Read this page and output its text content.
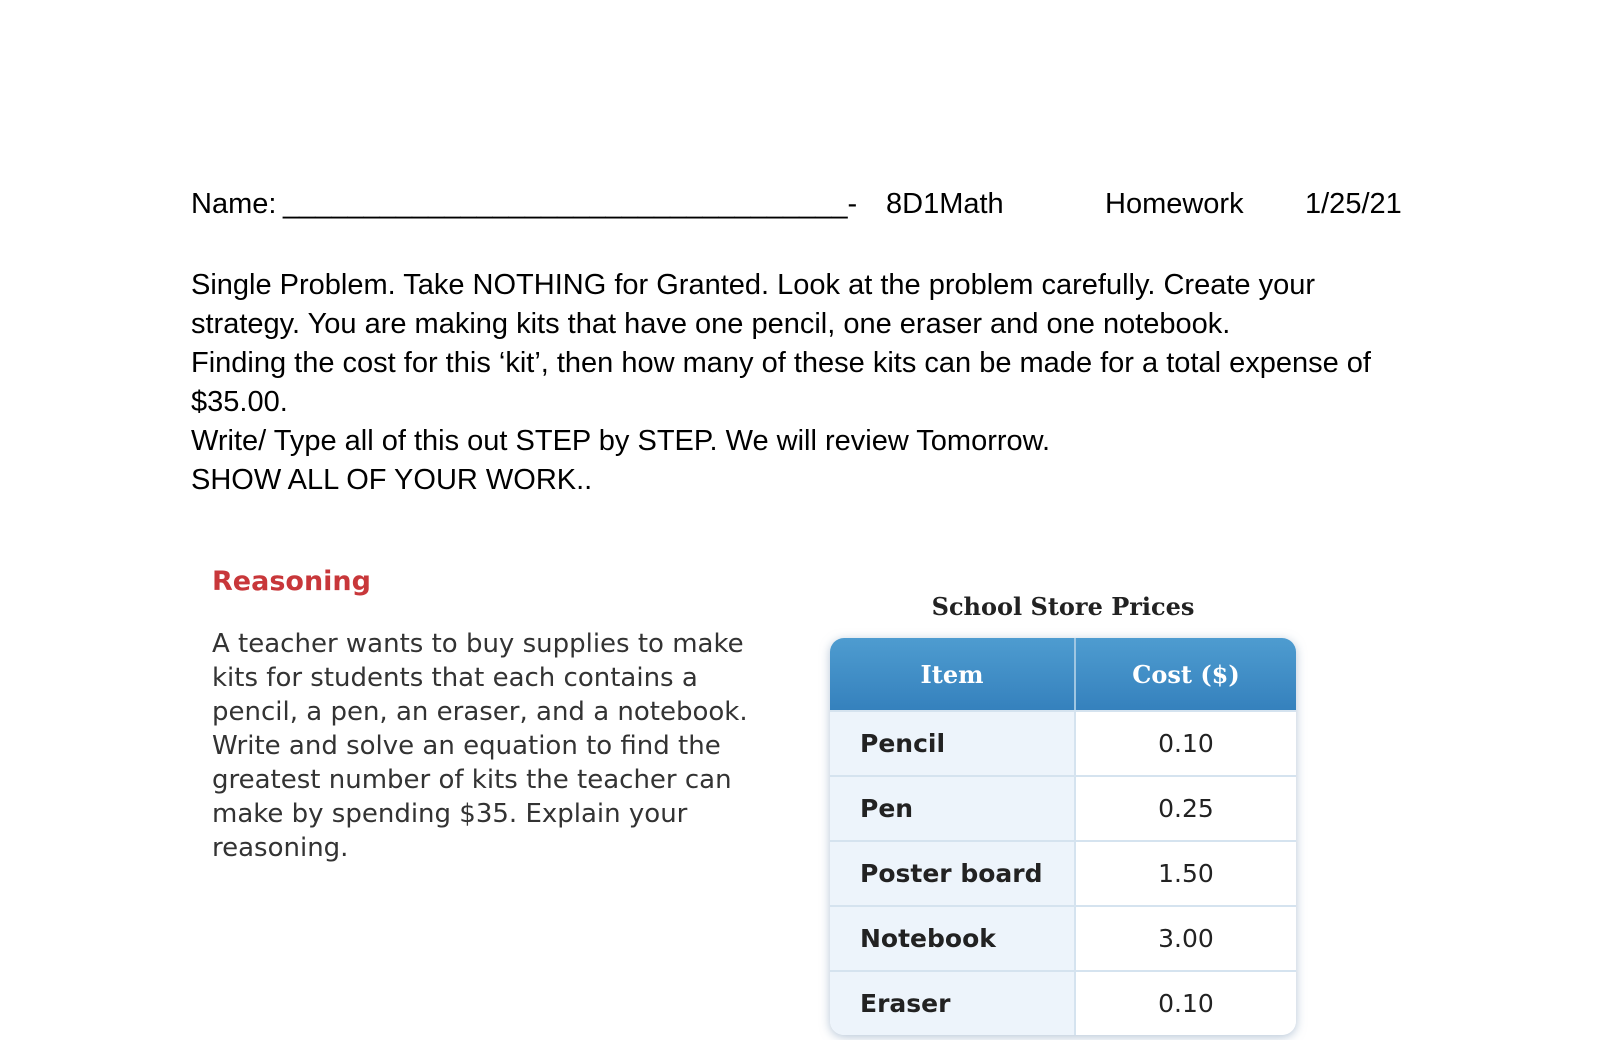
Name: ___________________________________- 8D1Math	Homework 1/25/21

Single Problem. Take NOTHING for Granted. Look at the problem carefully. Create your strategy. You are making kits that have one pencil, one eraser and one notebook.

Finding the cost for this ‘kit’, then how many of these kits can be made for a total expense of $35.00.

Write/ Type all of this out STEP by STEP. We will review Tomorrow.

SHOW ALL OF YOUR WORK..

Reasoning

A teacher wants to buy supplies to make kits for students that each contains a pencil, a pen, an eraser, and a notebook. Write and solve an equation to find the greatest number of kits the teacher can make by spending $35. Explain your reasoning.

School Store Prices
Item	Cost ($)
Pencil	0.10
Pen	0.25
Poster board	1.50
Notebook	3.00
Eraser	0.10
